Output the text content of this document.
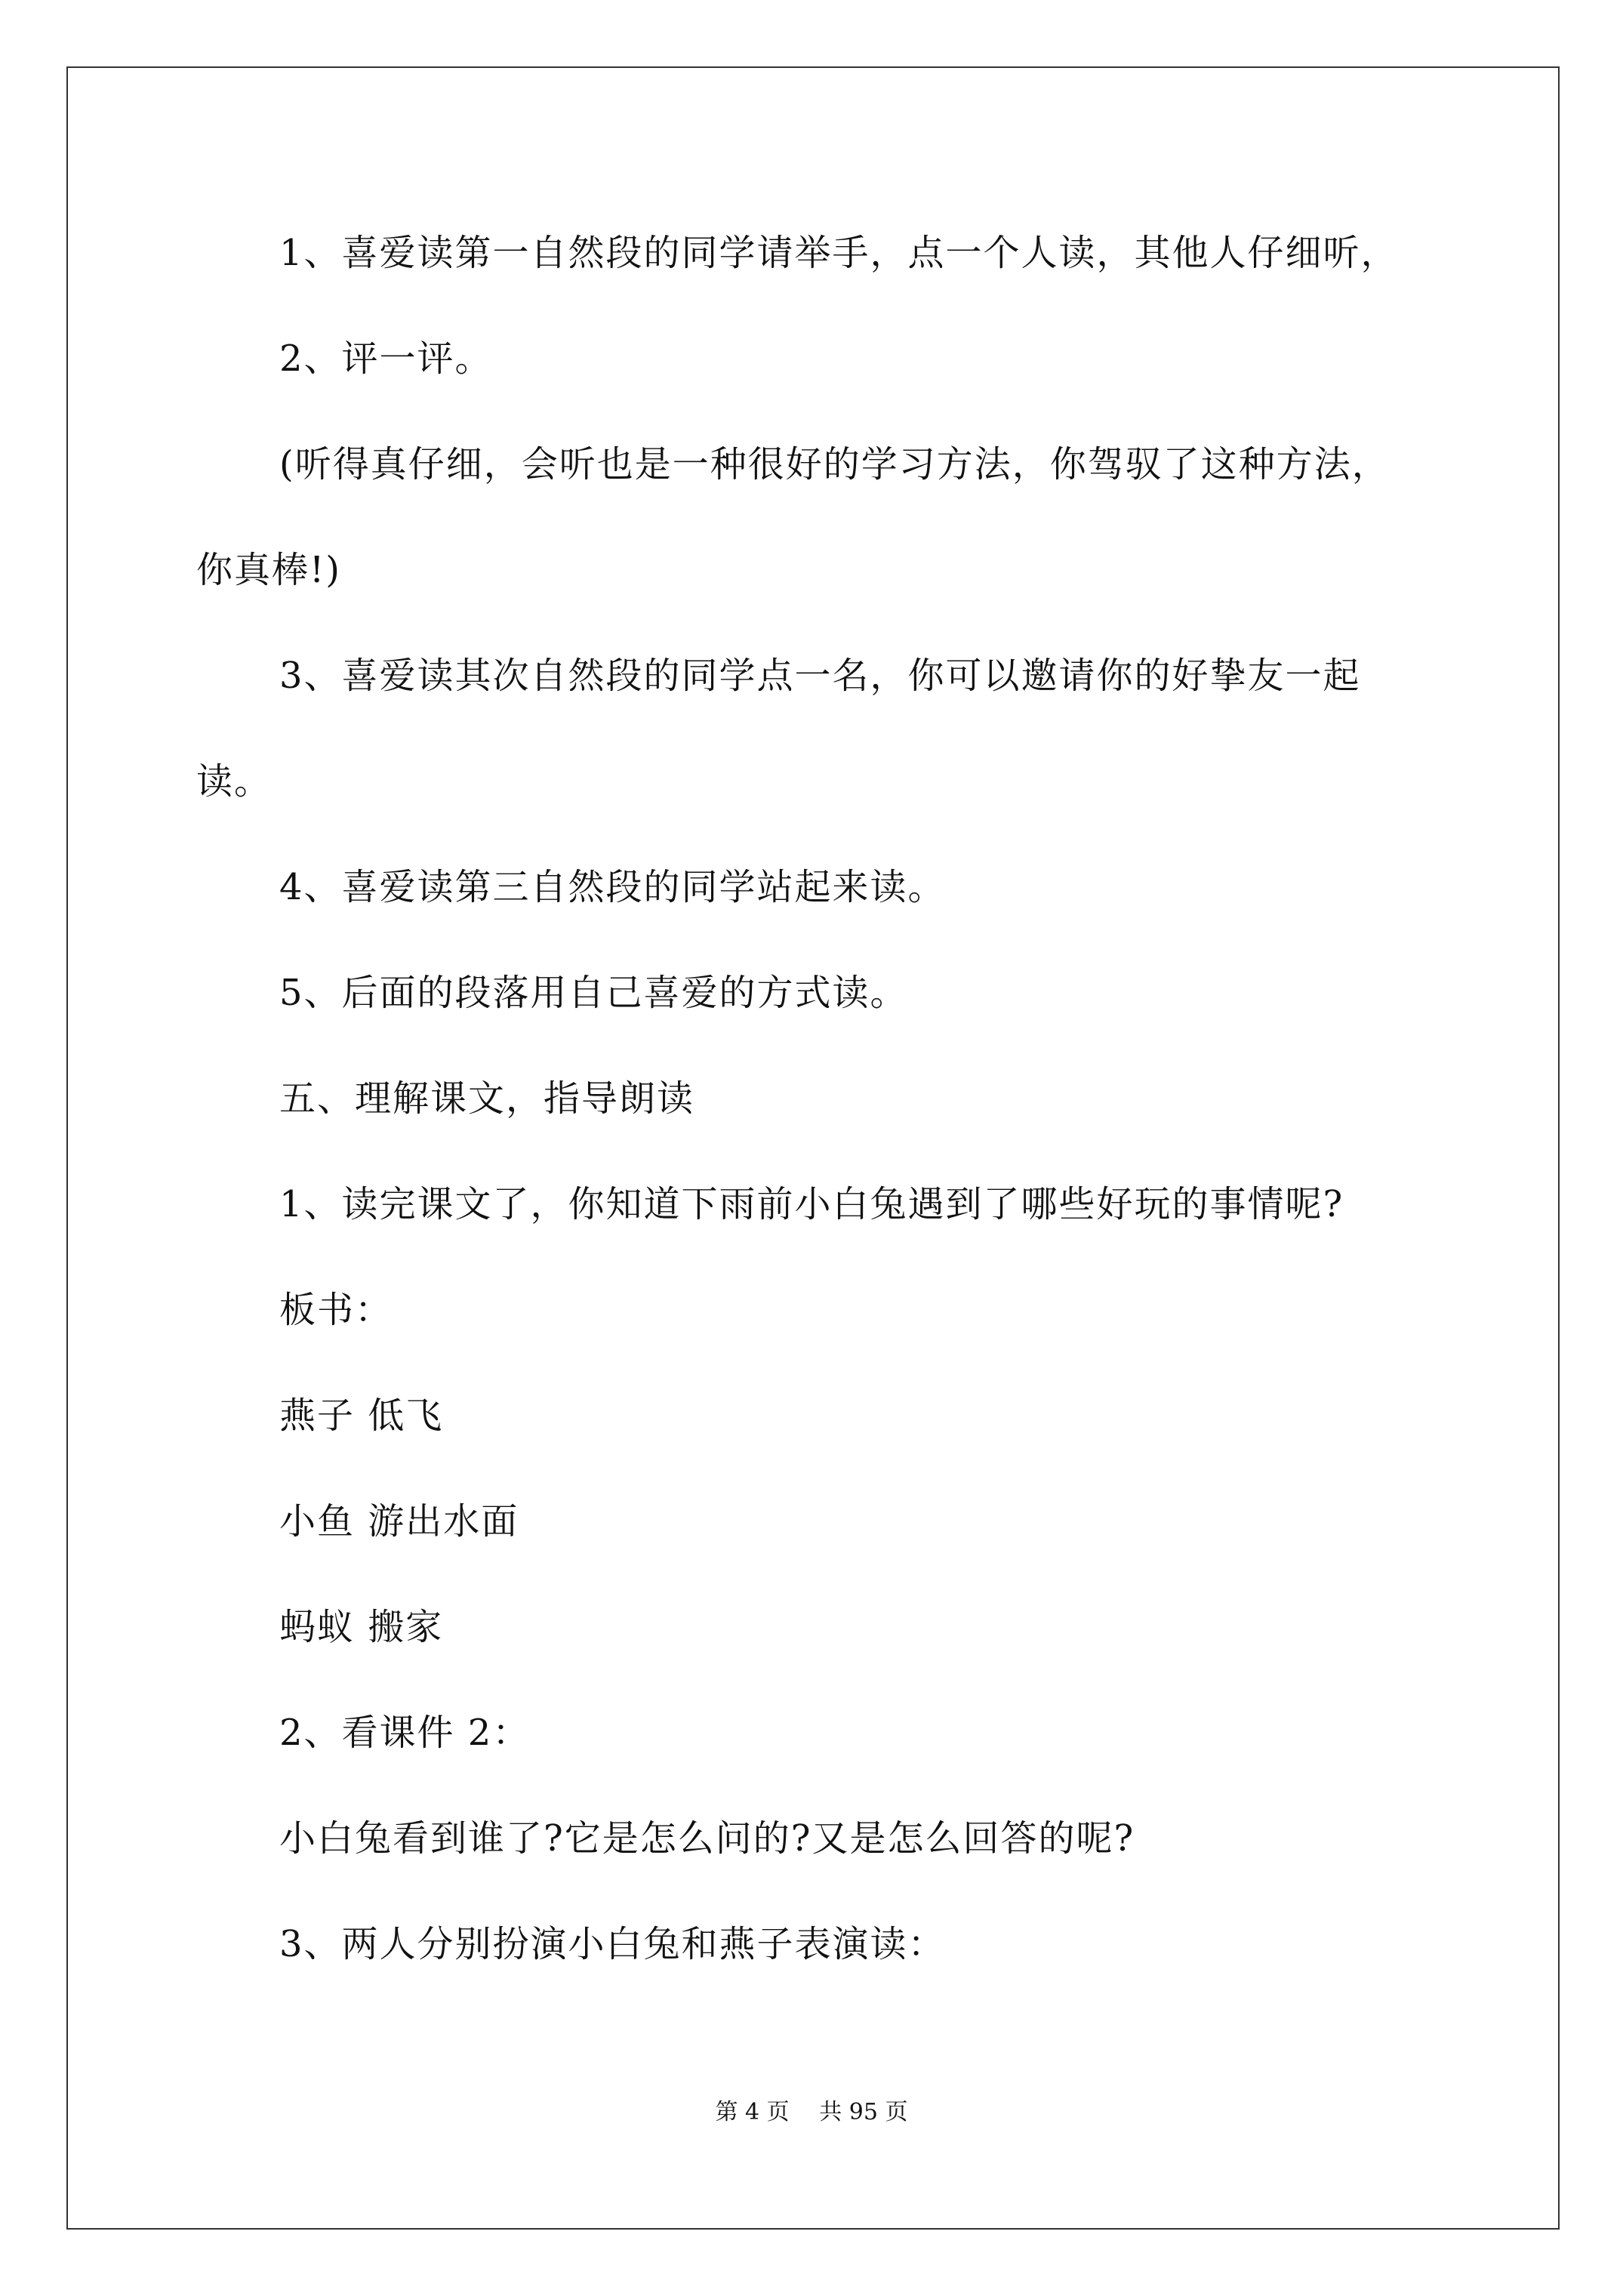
1、喜爱读第一自然段的同学请举手，点一个人读，其他人仔细听，
2、评一评。
(听得真仔细，会听也是一种很好的学习方法，你驾驭了这种方法，
你真棒!)
3、喜爱读其次自然段的同学点一名，你可以邀请你的好挚友一起
读。
4、喜爱读第三自然段的同学站起来读。
5、后面的段落用自己喜爱的方式读。
五、理解课文，指导朗读
1、读完课文了，你知道下雨前小白兔遇到了哪些好玩的事情呢?
板书：
燕子 低飞
小鱼 游出水面
蚂蚁 搬家
2、看课件 2：
小白兔看到谁了?它是怎么问的?又是怎么回答的呢?
3、两人分别扮演小白兔和燕子表演读：
第 4 页　 共 95 页
